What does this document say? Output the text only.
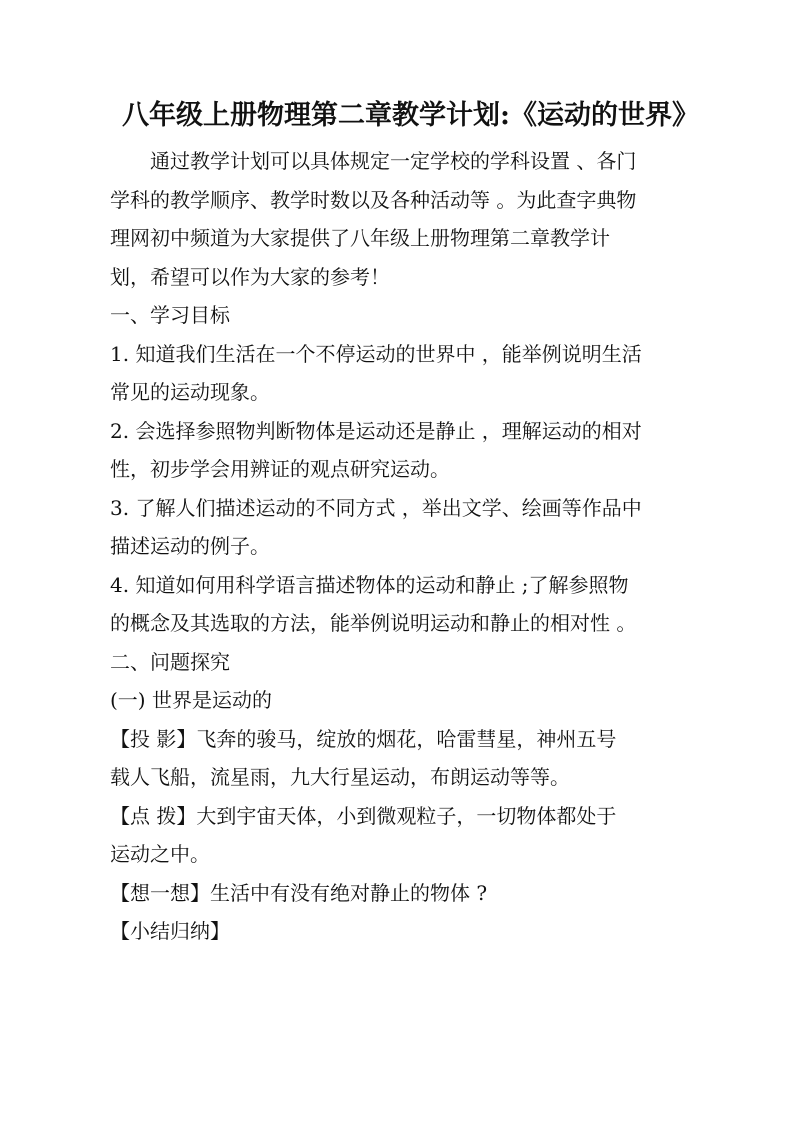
八年级上册物理第二章教学计划:《运动的世界》

通过教学计划可以具体规定一定学校的学科设置 、各门

学科的教学顺序、教学时数以及各种活动等 。为此查字典物

理网初中频道为大家提供了八年级上册物理第二章教学计

划，希望可以作为大家的参考！

一、学习目标

1. 知道我们生活在一个不停运动的世界中 ，能举例说明生活

常见的运动现象。

2. 会选择参照物判断物体是运动还是静止 ，理解运动的相对

性，初步学会用辨证的观点研究运动。

3. 了解人们描述运动的不同方式 ，举出文学、绘画等作品中

描述运动的例子。

4. 知道如何用科学语言描述物体的运动和静止 ;了解参照物

的概念及其选取的方法，能举例说明运动和静止的相对性 。

二、问题探究

(一) 世界是运动的

【投 影】飞奔的骏马，绽放的烟花，哈雷彗星，神州五号

载人飞船，流星雨，九大行星运动，布朗运动等等。

【点 拨】大到宇宙天体，小到微观粒子，一切物体都处于

运动之中。

【想一想】生活中有没有绝对静止的物体 ?

【小结归纳】
